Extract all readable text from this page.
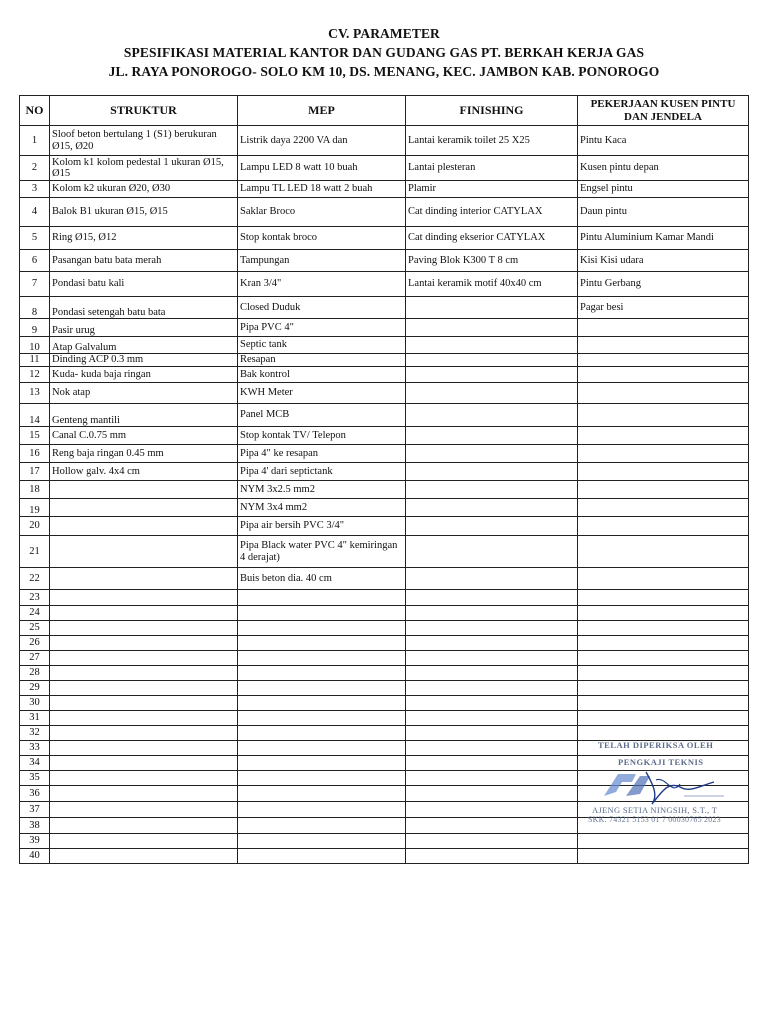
CV. PARAMETER
SPESIFIKASI MATERIAL KANTOR DAN GUDANG GAS PT. BERKAH KERJA GAS
JL. RAYA PONOROGO- SOLO KM 10, DS. MENANG, KEC. JAMBON KAB. PONOROGO
NO	STRUKTUR	MEP	FINISHING	PEKERJAAN KUSEN PINTU DAN JENDELA
1	Sloof beton bertulang 1 (S1) berukuran Ø15, Ø20	Listrik daya 2200 VA dan	Lantai keramik toilet 25 X25	Pintu Kaca
2	Kolom k1 kolom pedestal 1 ukuran Ø15, Ø15	Lampu LED 8 watt 10 buah	Lantai plesteran	Kusen pintu depan
3	Kolom k2 ukuran Ø20, Ø30	Lampu TL LED 18 watt 2 buah	Plamir	Engsel pintu
4	Balok B1 ukuran Ø15, Ø15	Saklar Broco	Cat dinding interior CATYLAX	Daun pintu
5	Ring Ø15, Ø12	Stop kontak broco	Cat dinding ekserior CATYLAX	Pintu Aluminium Kamar Mandi
6	Pasangan batu bata merah	Tampungan	Paving Blok K300 T 8 cm	Kisi Kisi udara
7	Pondasi batu kali	Kran 3/4"	Lantai keramik motif 40x40 cm	Pintu Gerbang
8	Pondasi setengah batu bata	Closed Duduk		Pagar besi
9	Pasir urug	Pipa PVC 4"		
10	Atap Galvalum	Septic tank		
11	Dinding ACP 0.3 mm	Resapan		
12	Kuda- kuda baja ringan	Bak kontrol		
13	Nok atap	KWH Meter		
14	Genteng mantili	Panel MCB		
15	Canal C.0.75 mm	Stop kontak TV/ Telepon		
16	Reng baja ringan 0.45 mm	Pipa 4" ke resapan		
17	Hollow galv. 4x4 cm	Pipa 4' dari septictank		
18		NYM 3x2.5 mm2		
19		NYM 3x4 mm2		
20		Pipa air bersih PVC 3/4"		
21		Pipa Black water PVC 4" kemiringan 4 derajat)		
22		Buis beton dia. 40 cm		
23				
24				
25				
26				
27				
28				
29				
30				
31				
32				
33				
34				
35				
36				
37				
38				
39				
40				
TELAH DIPERIKSA OLEH
PENGKAJI TEKNIS
AJENG SETIA NINGSIH, S.T., T
SKK. 74321 5153 01 7 00030765 2023
